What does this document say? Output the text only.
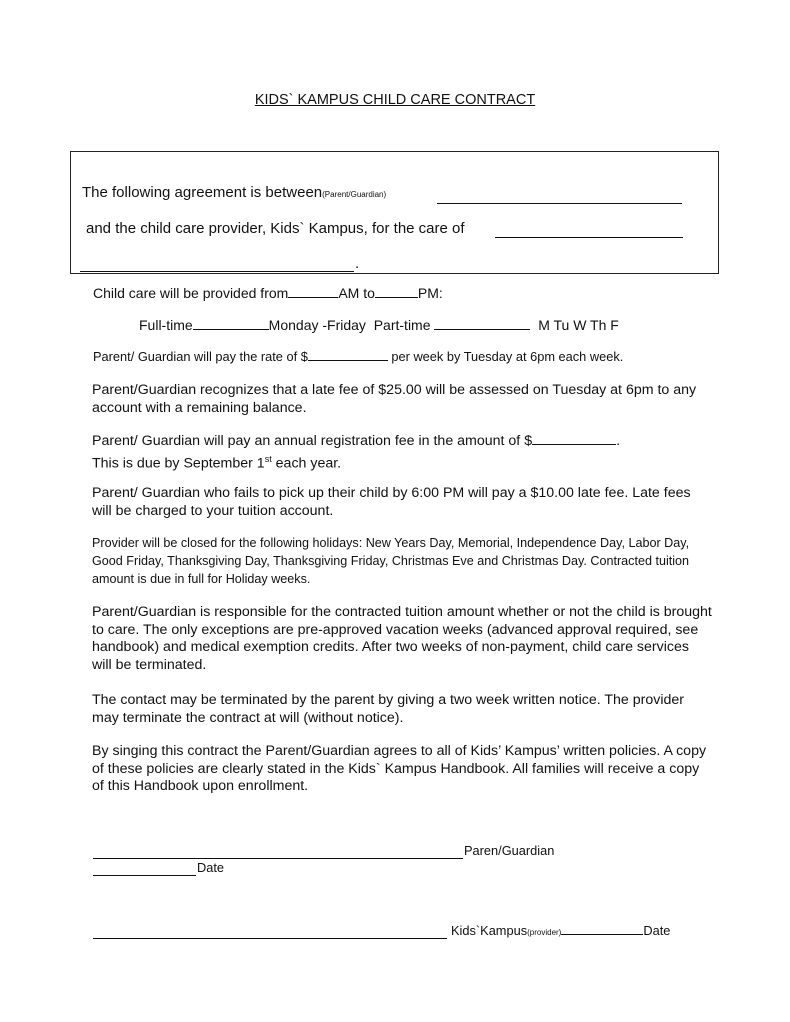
KIDS` KAMPUS CHILD CARE CONTRACT
The following agreement is between(Parent/Guardian)
and the child care provider, Kids` Kampus, for the care of
.
Child care will be provided from	AM to	PM:
Full-time	Monday -Friday Part-time	M Tu W Th F
Parent/ Guardian will pay the rate of $	per week by Tuesday at 6pm each week.
Parent/Guardian recognizes that a late fee of $25.00 will be assessed on Tuesday at 6pm to any account with a remaining balance.
Parent/ Guardian will pay an annual registration fee in the amount of $	.
This is due by September 1st each year.
Parent/ Guardian who fails to pick up their child by 6:00 PM will pay a $10.00 late fee. Late fees will be charged to your tuition account.
Provider will be closed for the following holidays: New Years Day, Memorial, Independence Day, Labor Day, Good Friday, Thanksgiving Day, Thanksgiving Friday, Christmas Eve and Christmas Day. Contracted tuition amount is due in full for Holiday weeks.
Parent/Guardian is responsible for the contracted tuition amount whether or not the child is brought to care. The only exceptions are pre-approved vacation weeks (advanced approval required, see handbook) and medical exemption credits. After two weeks of non-payment, child care services will be terminated.
The contact may be terminated by the parent by giving a two week written notice. The provider may terminate the contract at will (without notice).
By singing this contract the Parent/Guardian agrees to all of Kids’ Kampus’ written policies. A copy of these policies are clearly stated in the Kids` Kampus Handbook. All families will receive a copy of this Handbook upon enrollment.
Paren/Guardian
Date
Kids`Kampus(provider)	Date
